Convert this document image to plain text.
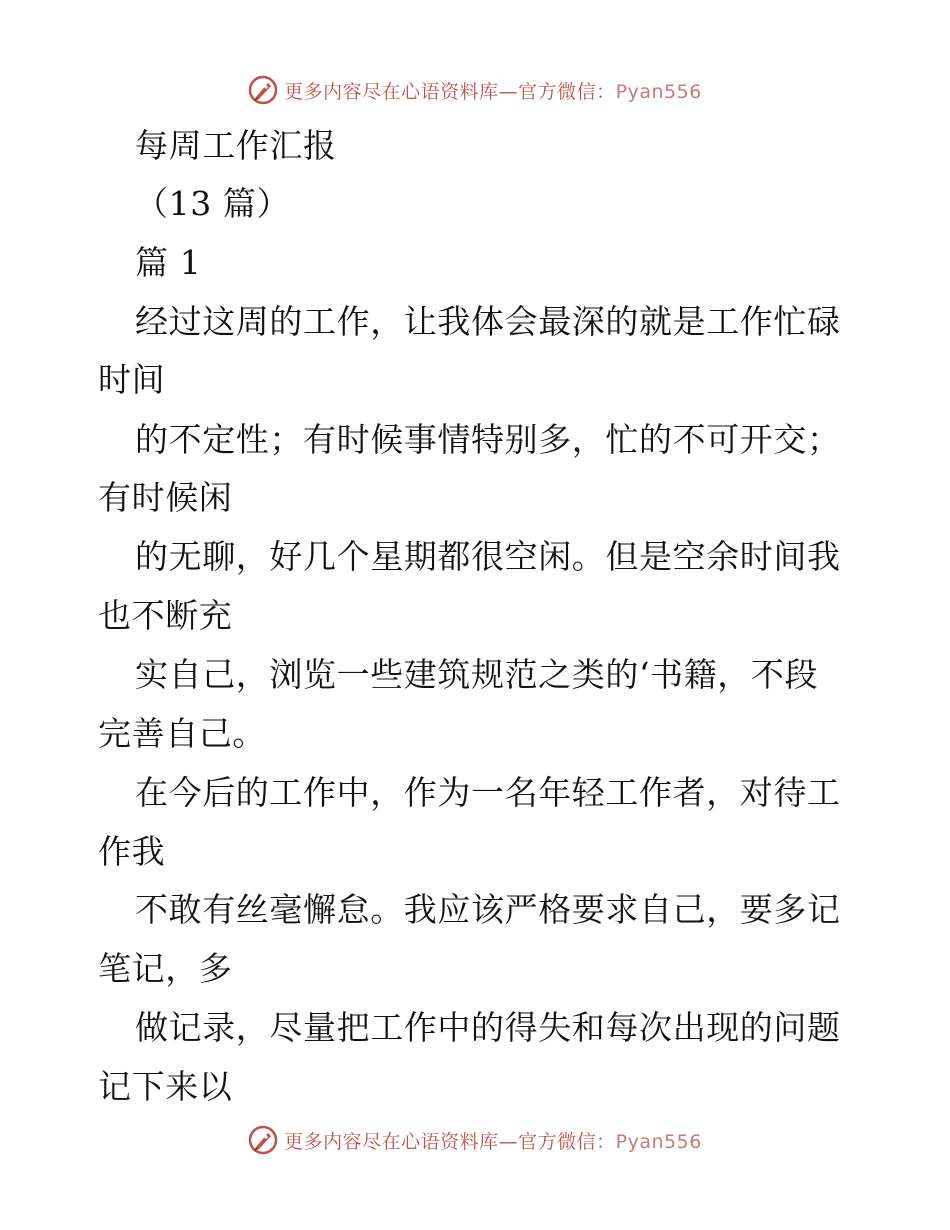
更多内容尽在心语资料库—官方微信：Pyan556
每周工作汇报
（13 篇）
篇 1
经过这周的工作，让我体会最深的就是工作忙碌
时间
的不定性；有时候事情特别多，忙的不可开交；
有时候闲
的无聊，好几个星期都很空闲。但是空余时间我
也不断充
实自己，浏览一些建筑规范之类的‘书籍，不段
完善自己。
在今后的工作中，作为一名年轻工作者，对待工
作我
不敢有丝毫懈怠。我应该严格要求自己，要多记
笔记，多
做记录，尽量把工作中的得失和每次出现的问题
记下来以
更多内容尽在心语资料库—官方微信：Pyan556
